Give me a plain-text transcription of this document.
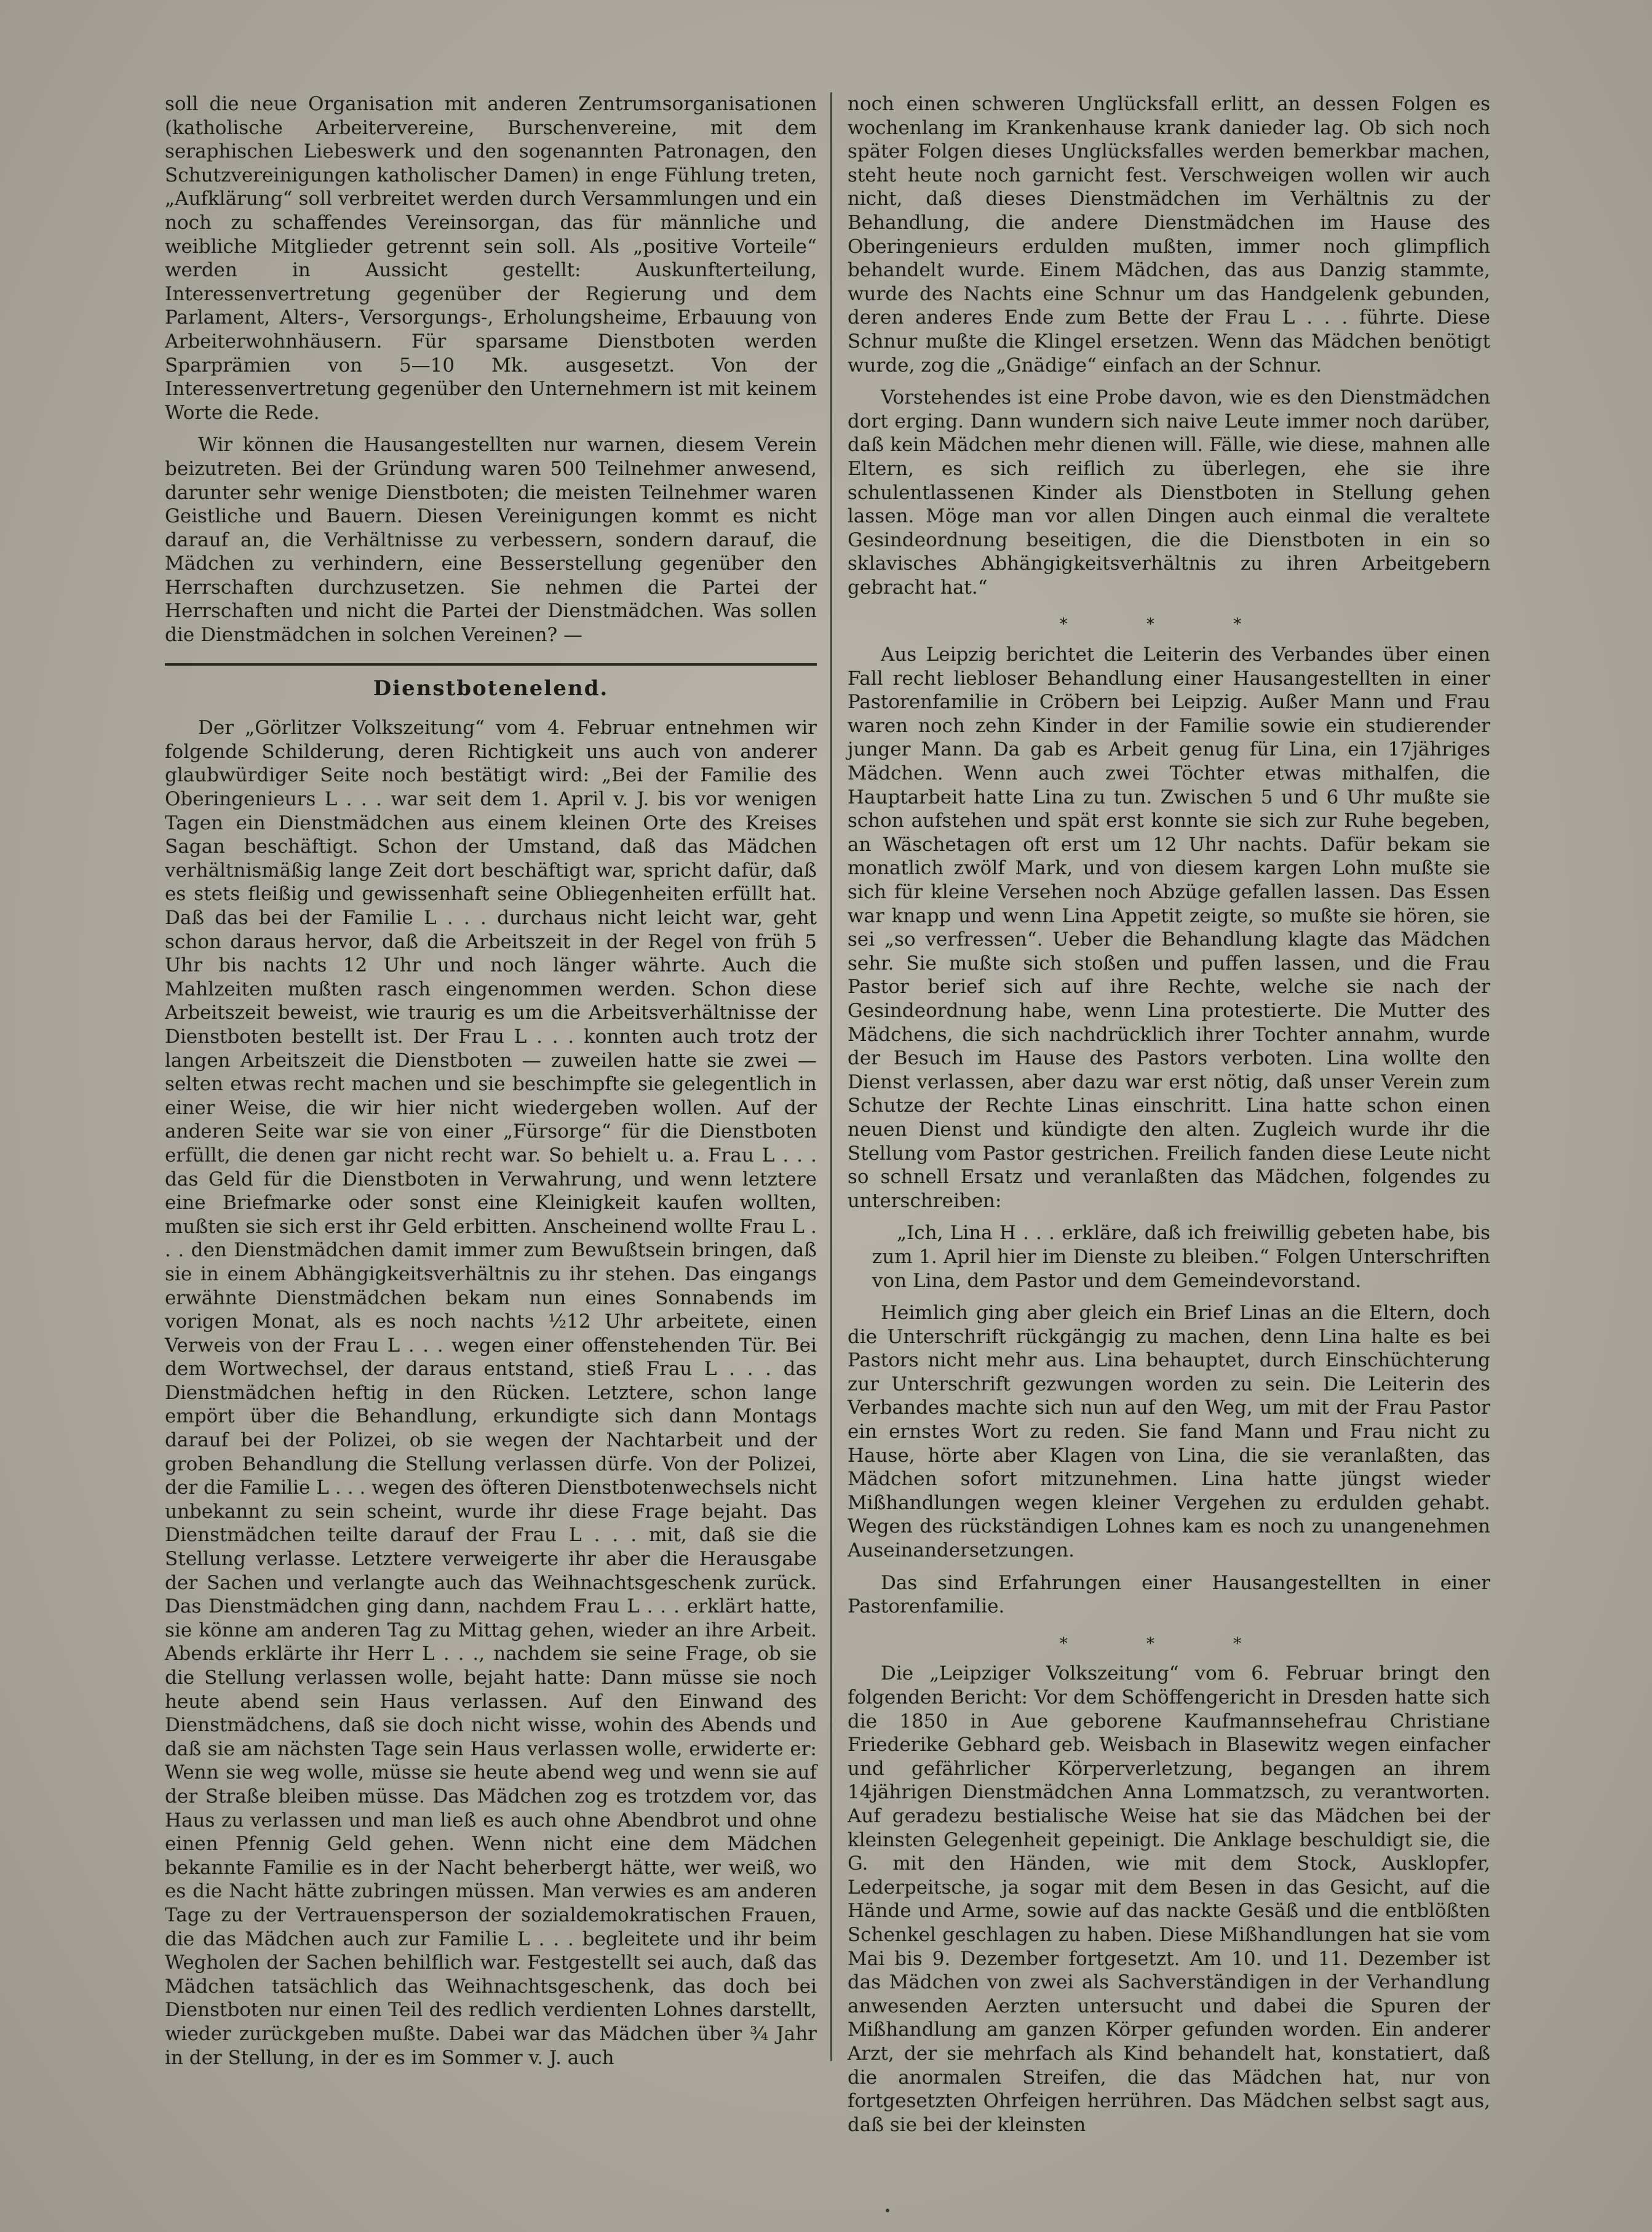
soll die neue Organisation mit anderen Zentrumsorganisationen (katholische Arbeitervereine, Burschenvereine, mit dem seraphischen Liebeswerk und den sogenannten Patronagen, den Schutzvereinigungen katholischer Damen) in enge Fühlung treten, „Aufklärung“ soll verbreitet werden durch Versammlungen und ein noch zu schaffendes Vereinsorgan, das für männliche und weibliche Mitglieder getrennt sein soll. Als „positive Vorteile“ werden in Aussicht gestellt: Auskunfterteilung, Interessenvertretung gegenüber der Regierung und dem Parlament, Alters-, Versorgungs-, Erholungsheime, Erbauung von Arbeiterwohnhäusern. Für sparsame Dienstboten werden Sparprämien von 5—10 Mk. ausgesetzt. Von der Interessenvertretung gegenüber den Unternehmern ist mit keinem Worte die Rede.

Wir können die Hausangestellten nur warnen, diesem Verein beizutreten. Bei der Gründung waren 500 Teilnehmer anwesend, darunter sehr wenige Dienstboten; die meisten Teilnehmer waren Geistliche und Bauern. Diesen Vereinigungen kommt es nicht darauf an, die Verhältnisse zu verbessern, sondern darauf, die Mädchen zu verhindern, eine Besserstellung gegenüber den Herrschaften durchzusetzen. Sie nehmen die Partei der Herrschaften und nicht die Partei der Dienstmädchen. Was sollen die Dienstmädchen in solchen Vereinen? —

Dienstbotenelend.

Der „Görlitzer Volkszeitung“ vom 4. Februar entnehmen wir folgende Schilderung, deren Richtigkeit uns auch von anderer glaubwürdiger Seite noch bestätigt wird: „Bei der Familie des Oberingenieurs L . . . war seit dem 1. April v. J. bis vor wenigen Tagen ein Dienstmädchen aus einem kleinen Orte des Kreises Sagan beschäftigt. Schon der Umstand, daß das Mädchen verhältnismäßig lange Zeit dort beschäftigt war, spricht dafür, daß es stets fleißig und gewissenhaft seine Obliegenheiten erfüllt hat. Daß das bei der Familie L . . . durchaus nicht leicht war, geht schon daraus hervor, daß die Arbeitszeit in der Regel von früh 5 Uhr bis nachts 12 Uhr und noch länger währte. Auch die Mahlzeiten mußten rasch eingenommen werden. Schon diese Arbeitszeit beweist, wie traurig es um die Arbeitsverhältnisse der Dienstboten bestellt ist. Der Frau L . . . konnten auch trotz der langen Arbeitszeit die Dienstboten — zuweilen hatte sie zwei — selten etwas recht machen und sie beschimpfte sie gelegentlich in einer Weise, die wir hier nicht wiedergeben wollen. Auf der anderen Seite war sie von einer „Fürsorge“ für die Dienstboten erfüllt, die denen gar nicht recht war. So behielt u. a. Frau L . . . das Geld für die Dienstboten in Verwahrung, und wenn letztere eine Briefmarke oder sonst eine Kleinigkeit kaufen wollten, mußten sie sich erst ihr Geld erbitten. Anscheinend wollte Frau L . . . den Dienstmädchen damit immer zum Bewußtsein bringen, daß sie in einem Abhängigkeitsverhältnis zu ihr stehen. Das eingangs erwähnte Dienstmädchen bekam nun eines Sonnabends im vorigen Monat, als es noch nachts ½12 Uhr arbeitete, einen Verweis von der Frau L . . . wegen einer offenstehenden Tür. Bei dem Wortwechsel, der daraus entstand, stieß Frau L . . . das Dienstmädchen heftig in den Rücken. Letztere, schon lange empört über die Behandlung, erkundigte sich dann Montags darauf bei der Polizei, ob sie wegen der Nachtarbeit und der groben Behandlung die Stellung verlassen dürfe. Von der Polizei, der die Familie L . . . wegen des öfteren Dienstbotenwechsels nicht unbekannt zu sein scheint, wurde ihr diese Frage bejaht. Das Dienstmädchen teilte darauf der Frau L . . . mit, daß sie die Stellung verlasse. Letztere verweigerte ihr aber die Herausgabe der Sachen und verlangte auch das Weihnachtsgeschenk zurück. Das Dienstmädchen ging dann, nachdem Frau L . . . erklärt hatte, sie könne am anderen Tag zu Mittag gehen, wieder an ihre Arbeit. Abends erklärte ihr Herr L . . ., nachdem sie seine Frage, ob sie die Stellung verlassen wolle, bejaht hatte: Dann müsse sie noch heute abend sein Haus verlassen. Auf den Einwand des Dienstmädchens, daß sie doch nicht wisse, wohin des Abends und daß sie am nächsten Tage sein Haus verlassen wolle, erwiderte er: Wenn sie weg wolle, müsse sie heute abend weg und wenn sie auf der Straße bleiben müsse. Das Mädchen zog es trotzdem vor, das Haus zu verlassen und man ließ es auch ohne Abendbrot und ohne einen Pfennig Geld gehen. Wenn nicht eine dem Mädchen bekannte Familie es in der Nacht beherbergt hätte, wer weiß, wo es die Nacht hätte zubringen müssen. Man verwies es am anderen Tage zu der Vertrauensperson der sozialdemokratischen Frauen, die das Mädchen auch zur Familie L . . . begleitete und ihr beim Wegholen der Sachen behilflich war. Festgestellt sei auch, daß das Mädchen tatsächlich das Weihnachtsgeschenk, das doch bei Dienstboten nur einen Teil des redlich verdienten Lohnes darstellt, wieder zurückgeben mußte. Dabei war das Mädchen über ¾ Jahr in der Stellung, in der es im Sommer v. J. auch

noch einen schweren Unglücksfall erlitt, an dessen Folgen es wochenlang im Krankenhause krank danieder lag. Ob sich noch später Folgen dieses Unglücksfalles werden bemerkbar machen, steht heute noch garnicht fest. Verschweigen wollen wir auch nicht, daß dieses Dienstmädchen im Verhältnis zu der Behandlung, die andere Dienstmädchen im Hause des Oberingenieurs erdulden mußten, immer noch glimpflich behandelt wurde. Einem Mädchen, das aus Danzig stammte, wurde des Nachts eine Schnur um das Handgelenk gebunden, deren anderes Ende zum Bette der Frau L . . . führte. Diese Schnur mußte die Klingel ersetzen. Wenn das Mädchen benötigt wurde, zog die „Gnädige“ einfach an der Schnur.

Vorstehendes ist eine Probe davon, wie es den Dienstmädchen dort erging. Dann wundern sich naive Leute immer noch darüber, daß kein Mädchen mehr dienen will. Fälle, wie diese, mahnen alle Eltern, es sich reiflich zu überlegen, ehe sie ihre schulentlassenen Kinder als Dienstboten in Stellung gehen lassen. Möge man vor allen Dingen auch einmal die veraltete Gesindeordnung beseitigen, die die Dienstboten in ein so sklavisches Abhängigkeitsverhältnis zu ihren Arbeitgebern gebracht hat.“

* * *

Aus Leipzig berichtet die Leiterin des Verbandes über einen Fall recht liebloser Behandlung einer Hausangestellten in einer Pastorenfamilie in Cröbern bei Leipzig. Außer Mann und Frau waren noch zehn Kinder in der Familie sowie ein studierender junger Mann. Da gab es Arbeit genug für Lina, ein 17jähriges Mädchen. Wenn auch zwei Töchter etwas mithalfen, die Hauptarbeit hatte Lina zu tun. Zwischen 5 und 6 Uhr mußte sie schon aufstehen und spät erst konnte sie sich zur Ruhe begeben, an Wäschetagen oft erst um 12 Uhr nachts. Dafür bekam sie monatlich zwölf Mark, und von diesem kargen Lohn mußte sie sich für kleine Versehen noch Abzüge gefallen lassen. Das Essen war knapp und wenn Lina Appetit zeigte, so mußte sie hören, sie sei „so verfressen“. Ueber die Behandlung klagte das Mädchen sehr. Sie mußte sich stoßen und puffen lassen, und die Frau Pastor berief sich auf ihre Rechte, welche sie nach der Gesindeordnung habe, wenn Lina protestierte. Die Mutter des Mädchens, die sich nachdrücklich ihrer Tochter annahm, wurde der Besuch im Hause des Pastors verboten. Lina wollte den Dienst verlassen, aber dazu war erst nötig, daß unser Verein zum Schutze der Rechte Linas einschritt. Lina hatte schon einen neuen Dienst und kündigte den alten. Zugleich wurde ihr die Stellung vom Pastor gestrichen. Freilich fanden diese Leute nicht so schnell Ersatz und veranlaßten das Mädchen, folgendes zu unterschreiben:

„Ich, Lina H . . . erkläre, daß ich freiwillig gebeten habe, bis zum 1. April hier im Dienste zu bleiben.“ Folgen Unterschriften von Lina, dem Pastor und dem Gemeindevorstand.

Heimlich ging aber gleich ein Brief Linas an die Eltern, doch die Unterschrift rückgängig zu machen, denn Lina halte es bei Pastors nicht mehr aus. Lina behauptet, durch Einschüchterung zur Unterschrift gezwungen worden zu sein. Die Leiterin des Verbandes machte sich nun auf den Weg, um mit der Frau Pastor ein ernstes Wort zu reden. Sie fand Mann und Frau nicht zu Hause, hörte aber Klagen von Lina, die sie veranlaßten, das Mädchen sofort mitzunehmen. Lina hatte jüngst wieder Mißhandlungen wegen kleiner Vergehen zu erdulden gehabt. Wegen des rückständigen Lohnes kam es noch zu unangenehmen Auseinandersetzungen.

Das sind Erfahrungen einer Hausangestellten in einer Pastorenfamilie.

* * *

Die „Leipziger Volkszeitung“ vom 6. Februar bringt den folgenden Bericht: Vor dem Schöffengericht in Dresden hatte sich die 1850 in Aue geborene Kaufmannsehefrau Christiane Friederike Gebhard geb. Weisbach in Blasewitz wegen einfacher und gefährlicher Körperverletzung, begangen an ihrem 14jährigen Dienstmädchen Anna Lommatzsch, zu verantworten. Auf geradezu bestialische Weise hat sie das Mädchen bei der kleinsten Gelegenheit gepeinigt. Die Anklage beschuldigt sie, die G. mit den Händen, wie mit dem Stock, Ausklopfer, Lederpeitsche, ja sogar mit dem Besen in das Gesicht, auf die Hände und Arme, sowie auf das nackte Gesäß und die entblößten Schenkel geschlagen zu haben. Diese Mißhandlungen hat sie vom Mai bis 9. Dezember fortgesetzt. Am 10. und 11. Dezember ist das Mädchen von zwei als Sachverständigen in der Verhandlung anwesenden Aerzten untersucht und dabei die Spuren der Mißhandlung am ganzen Körper gefunden worden. Ein anderer Arzt, der sie mehrfach als Kind behandelt hat, konstatiert, daß die anormalen Streifen, die das Mädchen hat, nur von fortgesetzten Ohrfeigen herrühren. Das Mädchen selbst sagt aus, daß sie bei der kleinsten
